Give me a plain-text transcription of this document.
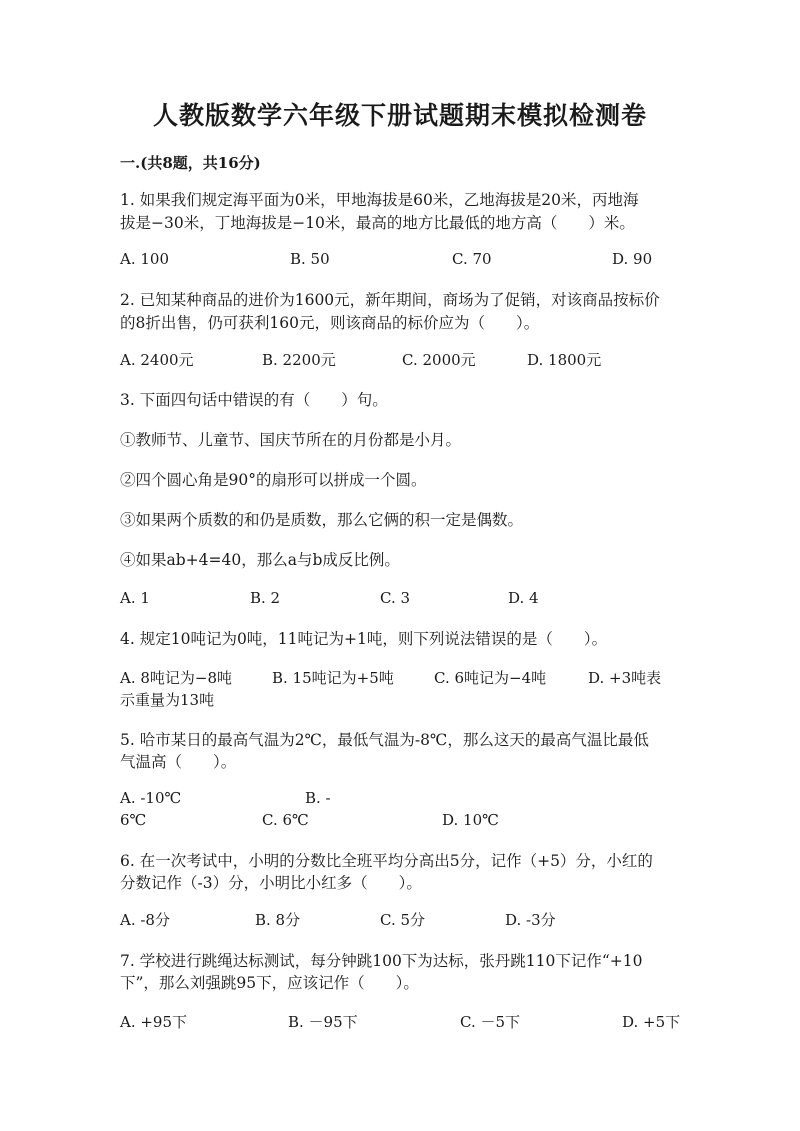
人教版数学六年级下册试题期末模拟检测卷
一.(共8题，共16分)
1. 如果我们规定海平面为0米，甲地海拔是60米，乙地海拔是20米，丙地海
拔是−30米，丁地海拔是−10米，最高的地方比最低的地方高（　　）米。
A. 100	B. 50	C. 70	D. 90
2. 已知某种商品的进价为1600元，新年期间，商场为了促销，对该商品按标价
的8折出售，仍可获利160元，则该商品的标价应为（　　）。
A. 2400元	B. 2200元	C. 2000元	D. 1800元
3. 下面四句话中错误的有（　　）句。
①教师节、儿童节、国庆节所在的月份都是小月。
②四个圆心角是90°的扇形可以拼成一个圆。
③如果两个质数的和仍是质数，那么它俩的积一定是偶数。
④如果ab+4=40，那么a与b成反比例。
A. 1	B. 2	C. 3	D. 4
4. 规定10吨记为0吨，11吨记为+1吨，则下列说法错误的是（　　）。
A. 8吨记为−8吨	B. 15吨记为+5吨	C. 6吨记为−4吨	D. +3吨表
示重量为13吨
5. 哈市某日的最高气温为2℃，最低气温为-8℃，那么这天的最高气温比最低
气温高（　　）。
A. -10℃	B. -
6℃	C. 6℃	D. 10℃
6. 在一次考试中，小明的分数比全班平均分高出5分，记作（+5）分，小红的
分数记作（-3）分，小明比小红多（　　）。
A. -8分	B. 8分	C. 5分	D. -3分
7. 学校进行跳绳达标测试，每分钟跳100下为达标，张丹跳110下记作“+10
下”，那么刘强跳95下，应该记作（　　）。
A. +95下	B. －95下	C. －5下	D. +5下
